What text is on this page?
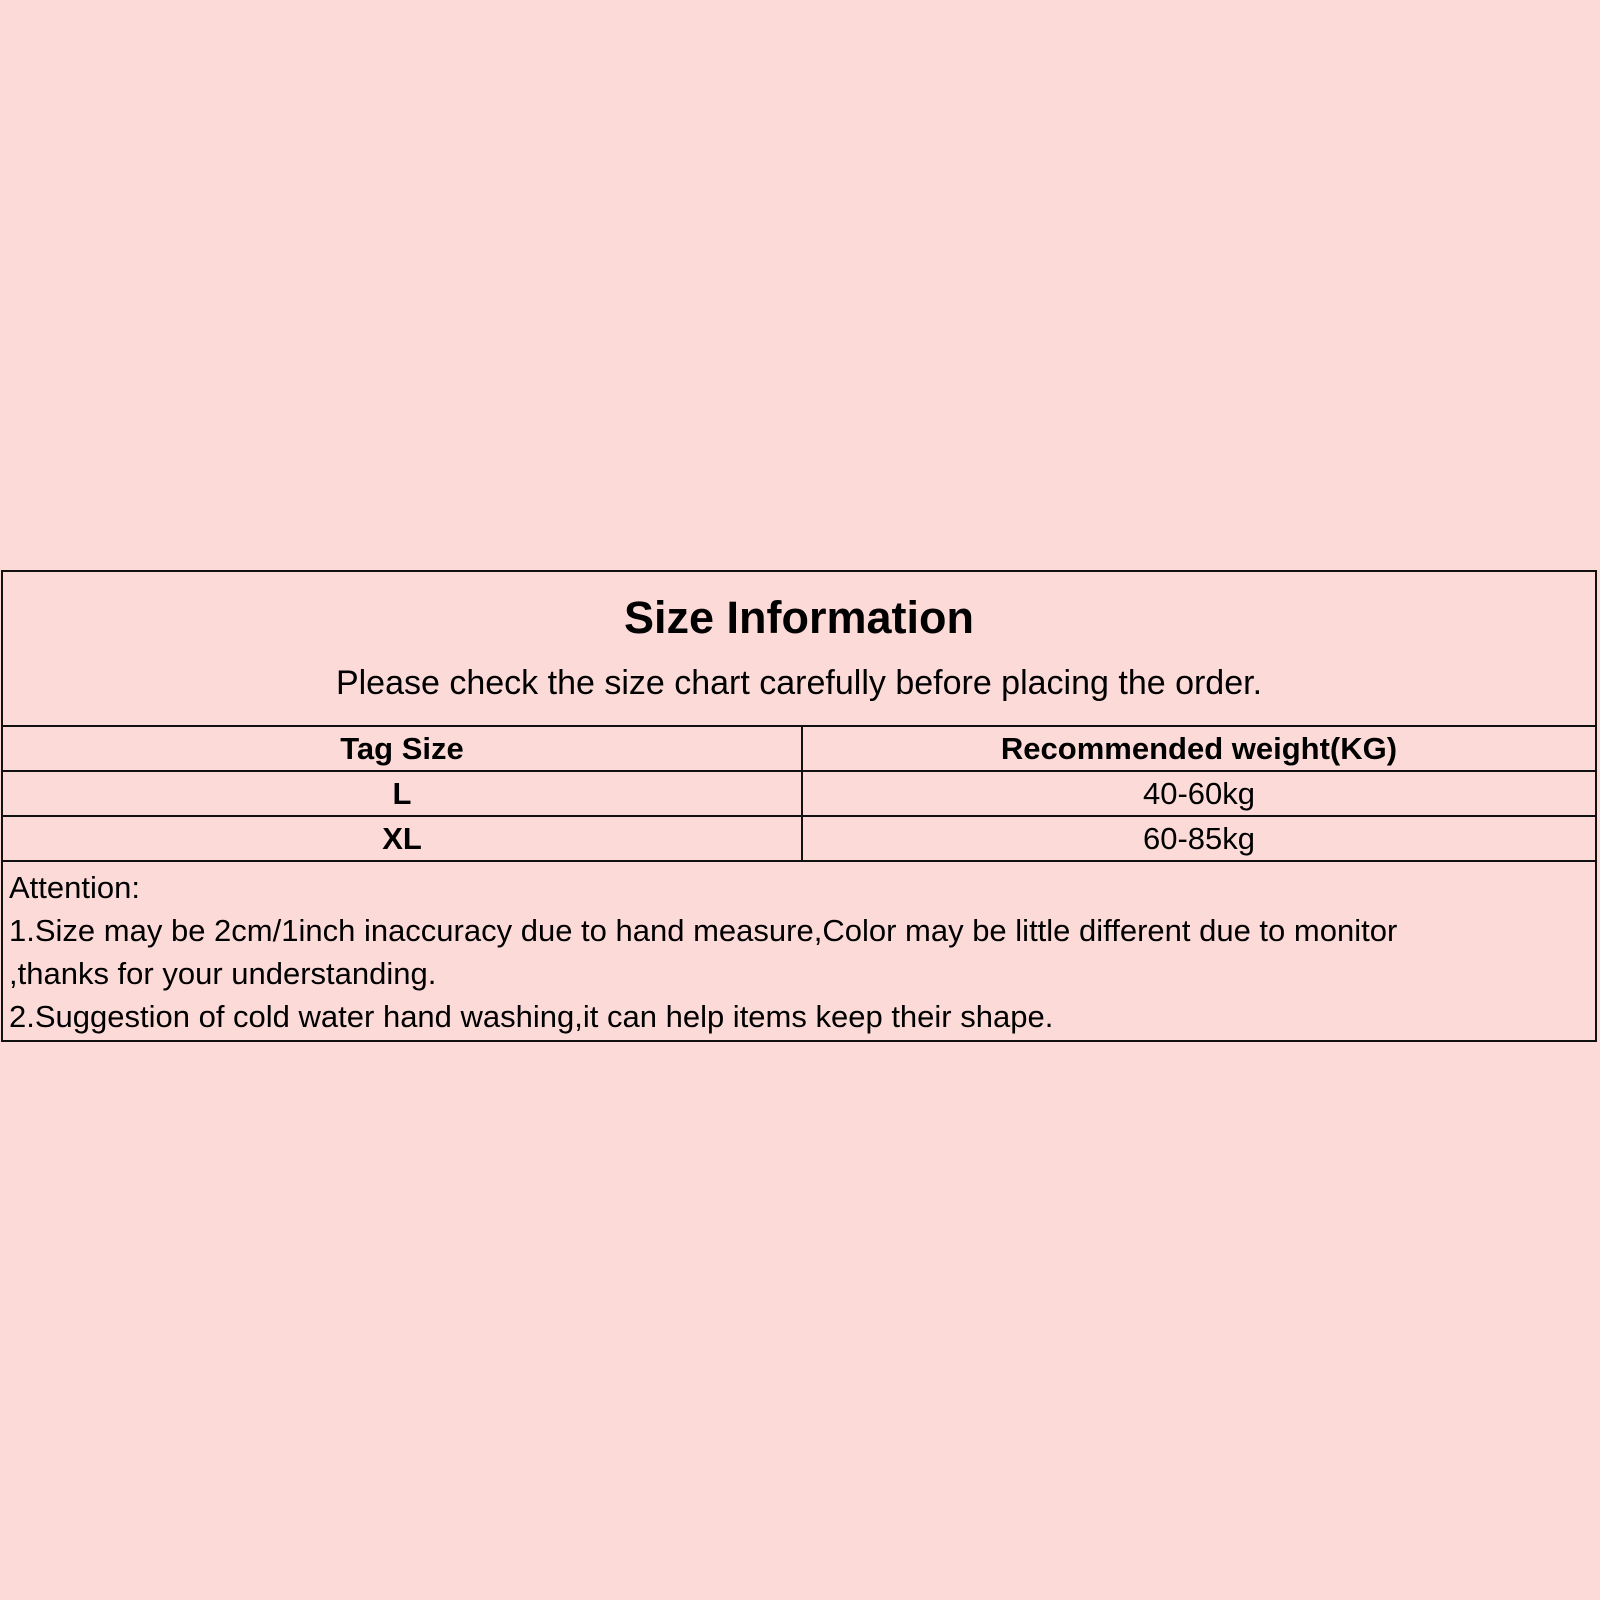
Size Information
Please check the size chart carefully before placing the order.
Tag Size	Recommended weight(KG)
L	40-60kg
XL	60-85kg
Attention:
1.Size may be 2cm/1inch inaccuracy due to hand measure,Color may be little different due to monitor
,thanks for your understanding.
2.Suggestion of cold water hand washing,it can help items keep their shape.
